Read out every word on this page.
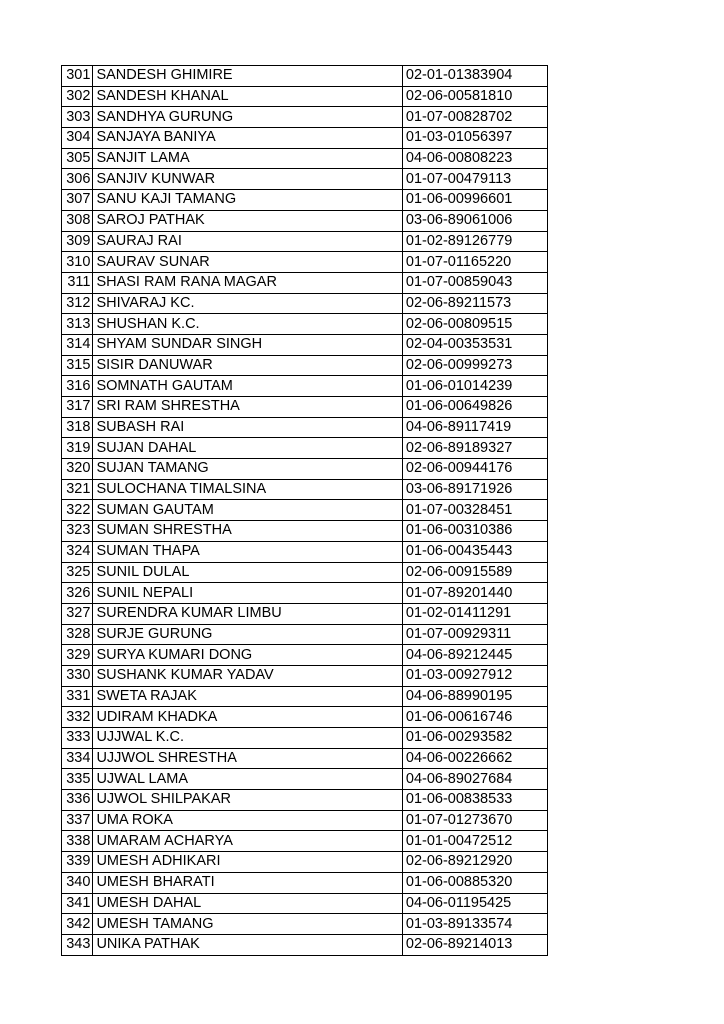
301	SANDESH GHIMIRE	02-01-01383904
302	SANDESH KHANAL	02-06-00581810
303	SANDHYA GURUNG	01-07-00828702
304	SANJAYA BANIYA	01-03-01056397
305	SANJIT LAMA	04-06-00808223
306	SANJIV KUNWAR	01-07-00479113
307	SANU KAJI TAMANG	01-06-00996601
308	SAROJ PATHAK	03-06-89061006
309	SAURAJ RAI	01-02-89126779
310	SAURAV SUNAR	01-07-01165220
311	SHASI RAM RANA MAGAR	01-07-00859043
312	SHIVARAJ KC.	02-06-89211573
313	SHUSHAN K.C.	02-06-00809515
314	SHYAM SUNDAR SINGH	02-04-00353531
315	SISIR DANUWAR	02-06-00999273
316	SOMNATH GAUTAM	01-06-01014239
317	SRI RAM SHRESTHA	01-06-00649826
318	SUBASH RAI	04-06-89117419
319	SUJAN DAHAL	02-06-89189327
320	SUJAN TAMANG	02-06-00944176
321	SULOCHANA TIMALSINA	03-06-89171926
322	SUMAN GAUTAM	01-07-00328451
323	SUMAN SHRESTHA	01-06-00310386
324	SUMAN THAPA	01-06-00435443
325	SUNIL DULAL	02-06-00915589
326	SUNIL NEPALI	01-07-89201440
327	SURENDRA KUMAR LIMBU	01-02-01411291
328	SURJE GURUNG	01-07-00929311
329	SURYA KUMARI DONG	04-06-89212445
330	SUSHANK KUMAR YADAV	01-03-00927912
331	SWETA RAJAK	04-06-88990195
332	UDIRAM KHADKA	01-06-00616746
333	UJJWAL K.C.	01-06-00293582
334	UJJWOL SHRESTHA	04-06-00226662
335	UJWAL LAMA	04-06-89027684
336	UJWOL SHILPAKAR	01-06-00838533
337	UMA ROKA	01-07-01273670
338	UMARAM ACHARYA	01-01-00472512
339	UMESH ADHIKARI	02-06-89212920
340	UMESH BHARATI	01-06-00885320
341	UMESH DAHAL	04-06-01195425
342	UMESH TAMANG	01-03-89133574
343	UNIKA PATHAK	02-06-89214013
